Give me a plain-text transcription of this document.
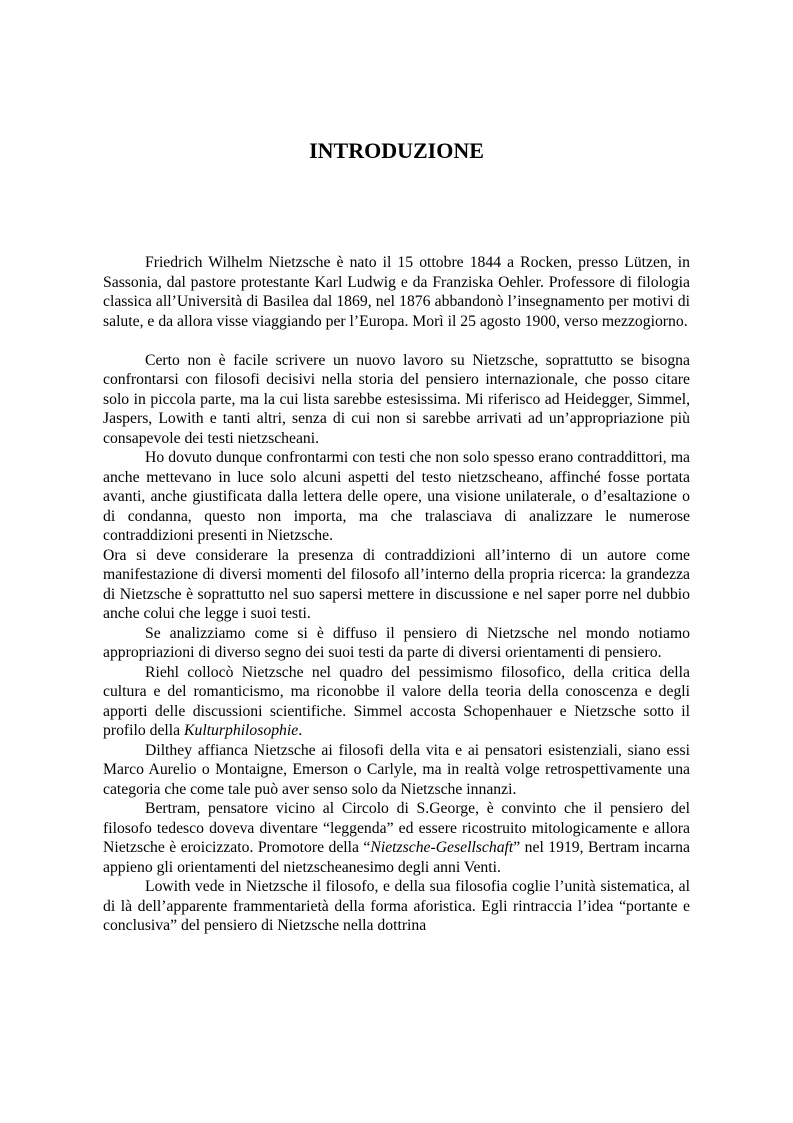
INTRODUZIONE

Friedrich Wilhelm Nietzsche è nato il 15 ottobre 1844 a Rocken, presso Lützen, in Sassonia, dal pastore protestante Karl Ludwig e da Franziska Oehler. Professore di filologia classica all’Università di Basilea dal 1869, nel 1876 abbandonò l’insegnamento per motivi di salute, e da allora visse viaggiando per l’Europa. Morì il 25 agosto 1900, verso mezzogiorno.

Certo non è facile scrivere un nuovo lavoro su Nietzsche, soprattutto se bisogna confrontarsi con filosofi decisivi nella storia del pensiero internazionale, che posso citare solo in piccola parte, ma la cui lista sarebbe estesissima. Mi riferisco ad Heidegger, Simmel, Jaspers, Lowith e tanti altri, senza di cui non si sarebbe arrivati ad un’appropriazione più consapevole dei testi nietzscheani.

Ho dovuto dunque confrontarmi con testi che non solo spesso erano contraddittori, ma anche mettevano in luce solo alcuni aspetti del testo nietzscheano, affinché fosse portata avanti, anche giustificata dalla lettera delle opere, una visione unilaterale, o d’esaltazione o di condanna, questo non importa, ma che tralasciava di analizzare le numerose contraddizioni presenti in Nietzsche.

Ora si deve considerare la presenza di contraddizioni all’interno di un autore come manifestazione di diversi momenti del filosofo all’interno della propria ricerca: la grandezza di Nietzsche è soprattutto nel suo sapersi mettere in discussione e nel saper porre nel dubbio anche colui che legge i suoi testi.

Se analizziamo come si è diffuso il pensiero di Nietzsche nel mondo notiamo appropriazioni di diverso segno dei suoi testi da parte di diversi orientamenti di pensiero.

Riehl collocò Nietzsche nel quadro del pessimismo filosofico, della critica della cultura e del romanticismo, ma riconobbe il valore della teoria della conoscenza e degli apporti delle discussioni scientifiche. Simmel accosta Schopenhauer e Nietzsche sotto il profilo della Kulturphilosophie.

Dilthey affianca Nietzsche ai filosofi della vita e ai pensatori esistenziali, siano essi Marco Aurelio o Montaigne, Emerson o Carlyle, ma in realtà volge retrospettivamente una categoria che come tale può aver senso solo da Nietzsche innanzi.

Bertram, pensatore vicino al Circolo di S.George, è convinto che il pensiero del filosofo tedesco doveva diventare “leggenda” ed essere ricostruito mitologicamente e allora Nietzsche è eroicizzato. Promotore della “Nietzsche-Gesellschaft” nel 1919, Bertram incarna appieno gli orientamenti del nietzscheanesimo degli anni Venti.

Lowith vede in Nietzsche il filosofo, e della sua filosofia coglie l’unità sistematica, al di là dell’apparente frammentarietà della forma aforistica. Egli rintraccia l’idea “portante e conclusiva” del pensiero di Nietzsche nella dottrina
